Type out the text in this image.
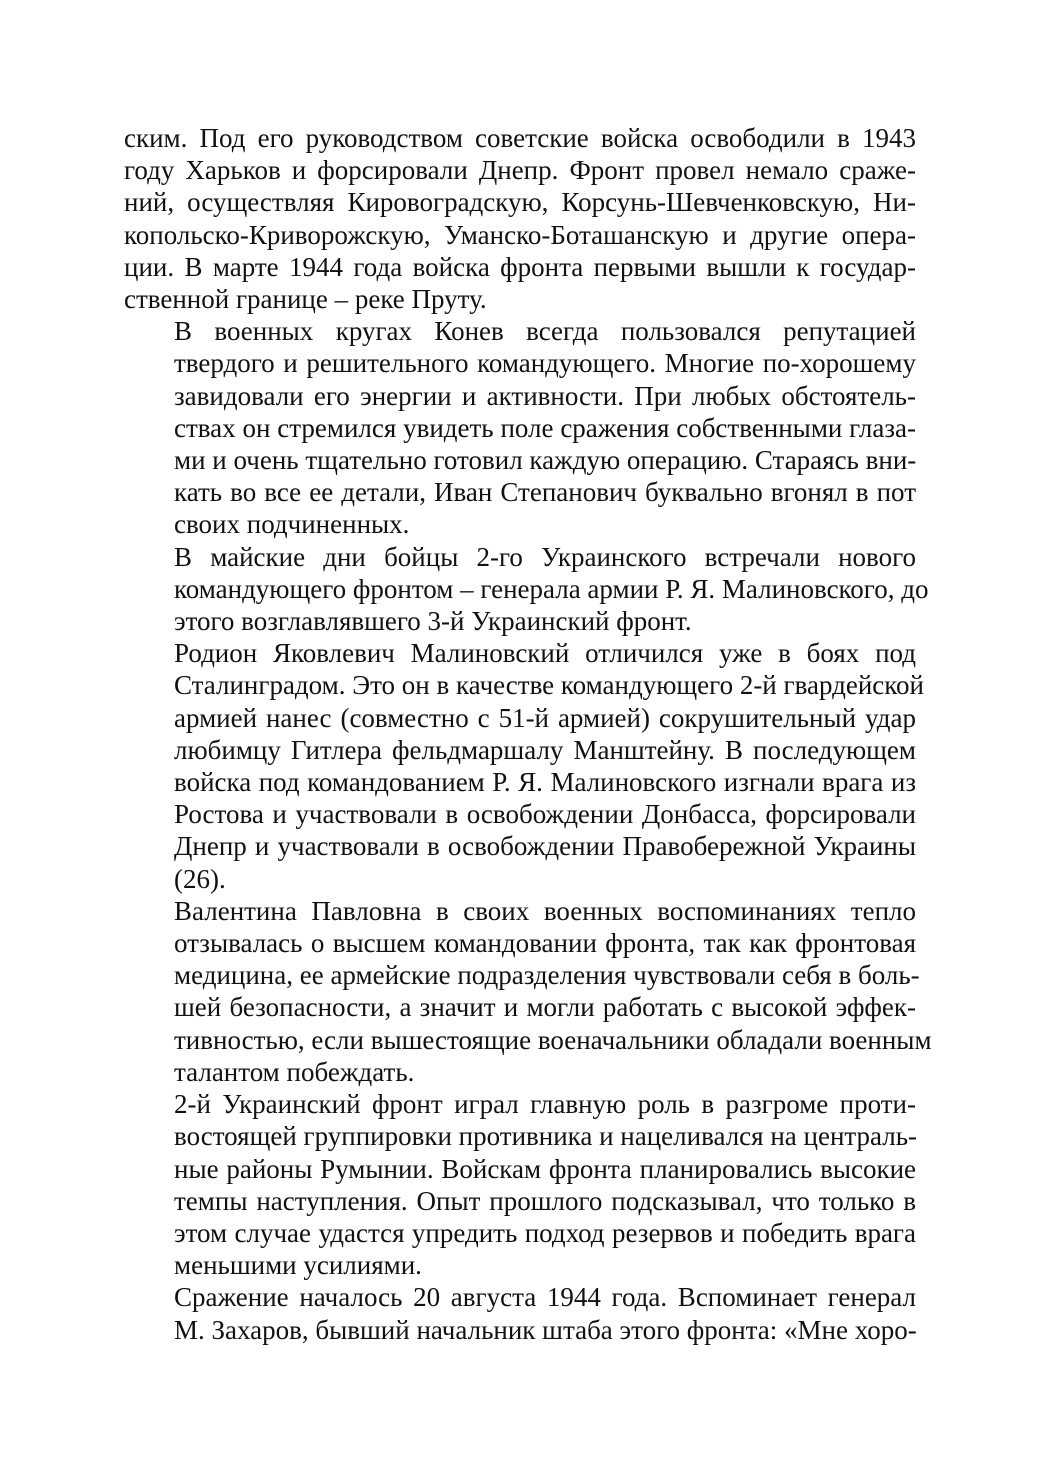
ским. Под его руководством советские войска освободили в 1943
году Харьков и форсировали Днепр. Фронт провел немало сраже-
ний, осуществляя Кировоградскую, Корсунь-Шевченковскую, Ни-
копольско-Криворожскую, Уманско-Боташанскую и другие опера-
ции. В марте 1944 года войска фронта первыми вышли к государ-
ственной границе – реке Пруту.

В военных кругах Конев всегда пользовался репутацией
твердого и решительного командующего. Многие по-хорошему
завидовали его энергии и активности. При любых обстоятель-
ствах он стремился увидеть поле сражения собственными глаза-
ми и очень тщательно готовил каждую операцию. Стараясь вни-
кать во все ее детали, Иван Степанович буквально вгонял в пот
своих подчиненных.

В майские дни бойцы 2-го Украинского встречали нового
командующего фронтом – генерала армии Р. Я. Малиновского, до
этого возглавлявшего 3-й Украинский фронт.

Родион Яковлевич Малиновский отличился уже в боях под
Сталинградом. Это он в качестве командующего 2-й гвардейской
армией нанес (совместно с 51-й армией) сокрушительный удар
любимцу Гитлера фельдмаршалу Манштейну. В последующем
войска под командованием Р. Я. Малиновского изгнали врага из
Ростова и участвовали в освобождении Донбасса, форсировали
Днепр и участвовали в освобождении Правобережной Украины
(26).

Валентина Павловна в своих военных воспоминаниях тепло
отзывалась о высшем командовании фронта, так как фронтовая
медицина, ее армейские подразделения чувствовали себя в боль-
шей безопасности, а значит и могли работать с высокой эффек-
тивностью, если вышестоящие военачальники обладали военным
талантом побеждать.

2-й Украинский фронт играл главную роль в разгроме проти-
востоящей группировки противника и нацеливался на централь-
ные районы Румынии. Войскам фронта планировались высокие
темпы наступления. Опыт прошлого подсказывал, что только в
этом случае удастся упредить подход резервов и победить врага
меньшими усилиями.

Сражение началось 20 августа 1944 года. Вспоминает генерал
М. Захаров, бывший начальник штаба этого фронта: «Мне хоро-
